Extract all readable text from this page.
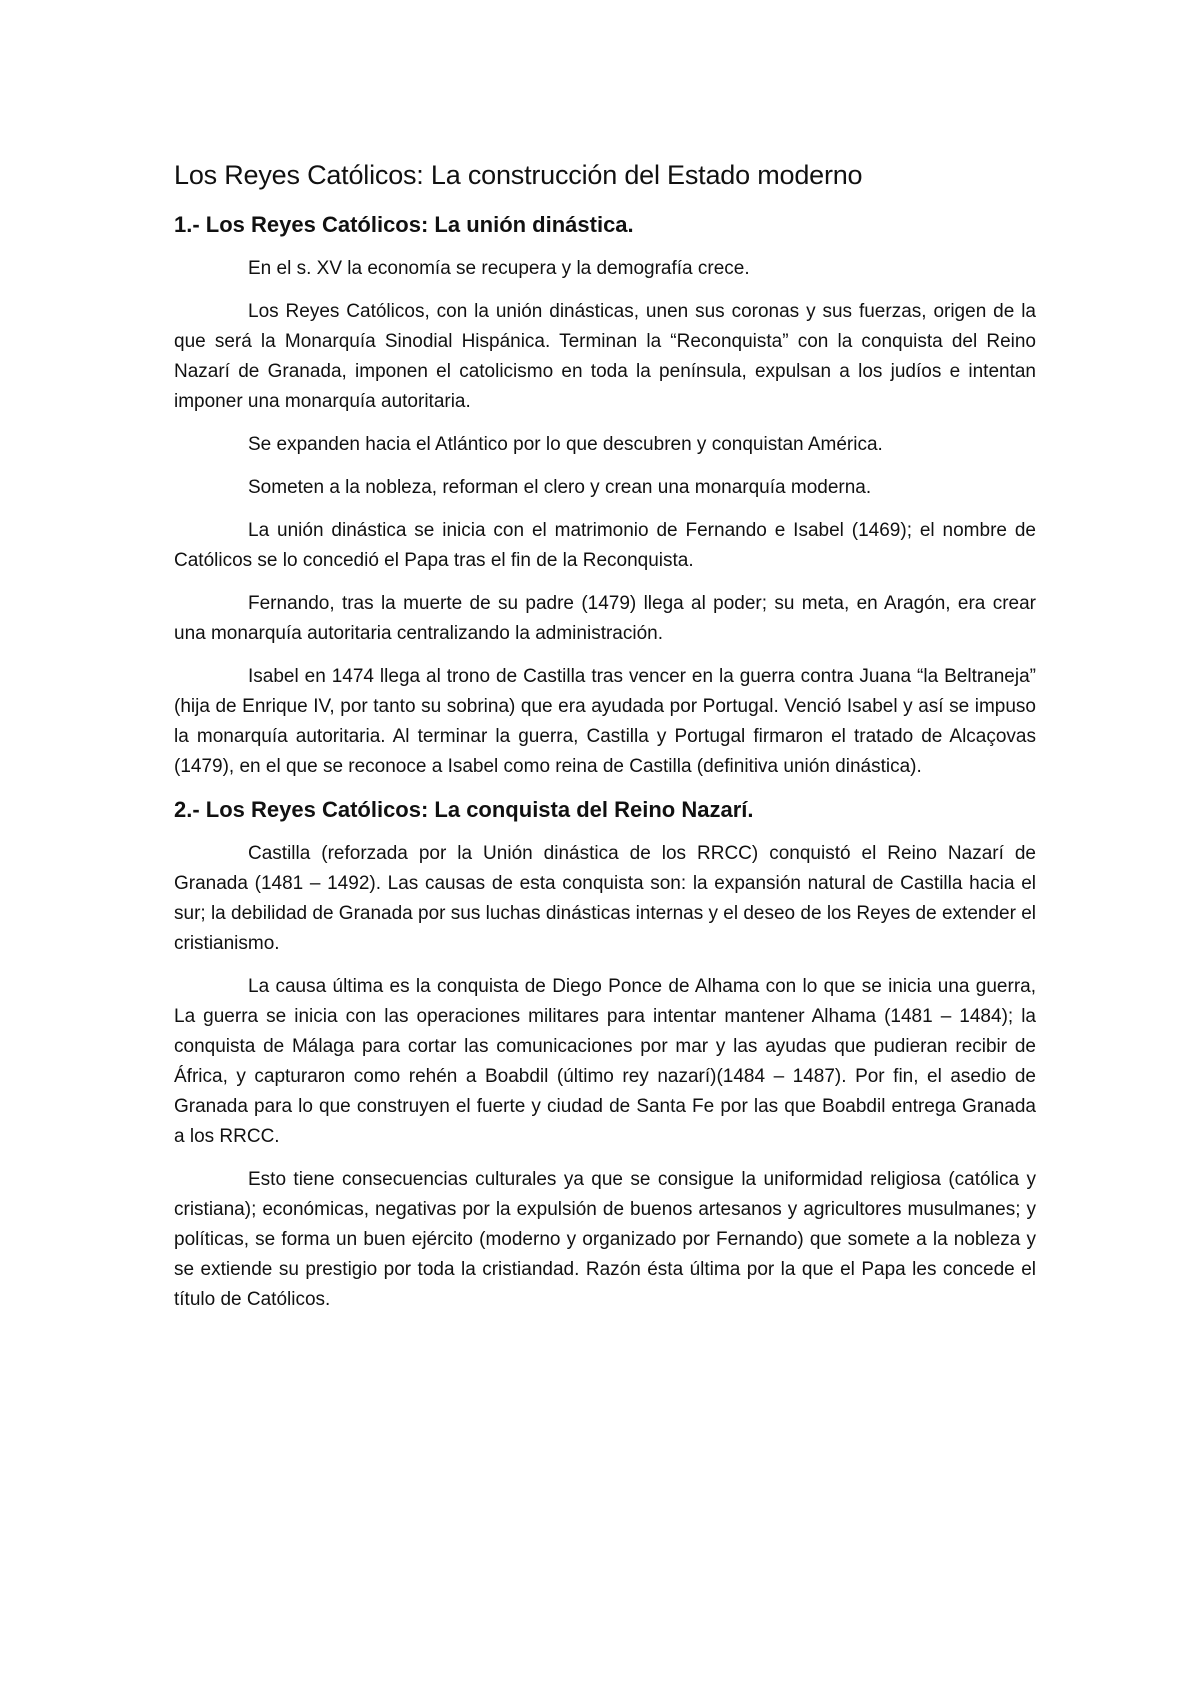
Los Reyes Católicos: La construcción del Estado moderno
1.- Los Reyes Católicos: La unión dinástica.

En el s. XV la economía se recupera y la demografía crece.

Los Reyes Católicos, con la unión dinásticas, unen sus coronas y sus fuerzas, origen de la que será la Monarquía Sinodial Hispánica. Terminan la “Reconquista” con la conquista del Reino Nazarí de Granada, imponen el catolicismo en toda la península, expulsan a los judíos e intentan imponer una monarquía autoritaria.

Se expanden hacia el Atlántico por lo que descubren y conquistan América.

Someten a la nobleza, reforman el clero y crean una monarquía moderna.

La unión dinástica se inicia con el matrimonio de Fernando e Isabel (1469); el nombre de Católicos se lo concedió el Papa tras el fin de la Reconquista.

Fernando, tras la muerte de su padre (1479) llega al poder; su meta, en Aragón, era crear una monarquía autoritaria centralizando la administración.

Isabel en 1474 llega al trono de Castilla tras vencer en la guerra contra Juana “la Beltraneja” (hija de Enrique IV, por tanto su sobrina) que era ayudada por Portugal. Venció Isabel y así se impuso la monarquía autoritaria. Al terminar la guerra, Castilla y Portugal firmaron el tratado de Alcaçovas (1479), en el que se reconoce a Isabel como reina de Castilla (definitiva unión dinástica).

2.- Los Reyes Católicos: La conquista del Reino Nazarí.

Castilla (reforzada por la Unión dinástica de los RRCC) conquistó el Reino Nazarí de Granada (1481 – 1492). Las causas de esta conquista son: la expansión natural de Castilla hacia el sur; la debilidad de Granada por sus luchas dinásticas internas y el deseo de los Reyes de extender el cristianismo.

La causa última es la conquista de Diego Ponce de Alhama con lo que se inicia una guerra, La guerra se inicia con las operaciones militares para intentar mantener Alhama (1481 – 1484); la conquista de Málaga para cortar las comunicaciones por mar y las ayudas que pudieran recibir de África, y capturaron como rehén a Boabdil (último rey nazarí)(1484 – 1487). Por fin, el asedio de Granada para lo que construyen el fuerte y ciudad de Santa Fe por las que Boabdil entrega Granada a los RRCC.

Esto tiene consecuencias culturales ya que se consigue la uniformidad religiosa (católica y cristiana); económicas, negativas por la expulsión de buenos artesanos y agricultores musulmanes; y políticas, se forma un buen ejército (moderno y organizado por Fernando) que somete a la nobleza y se extiende su prestigio por toda la cristiandad. Razón ésta última por la que el Papa les concede el título de Católicos.
